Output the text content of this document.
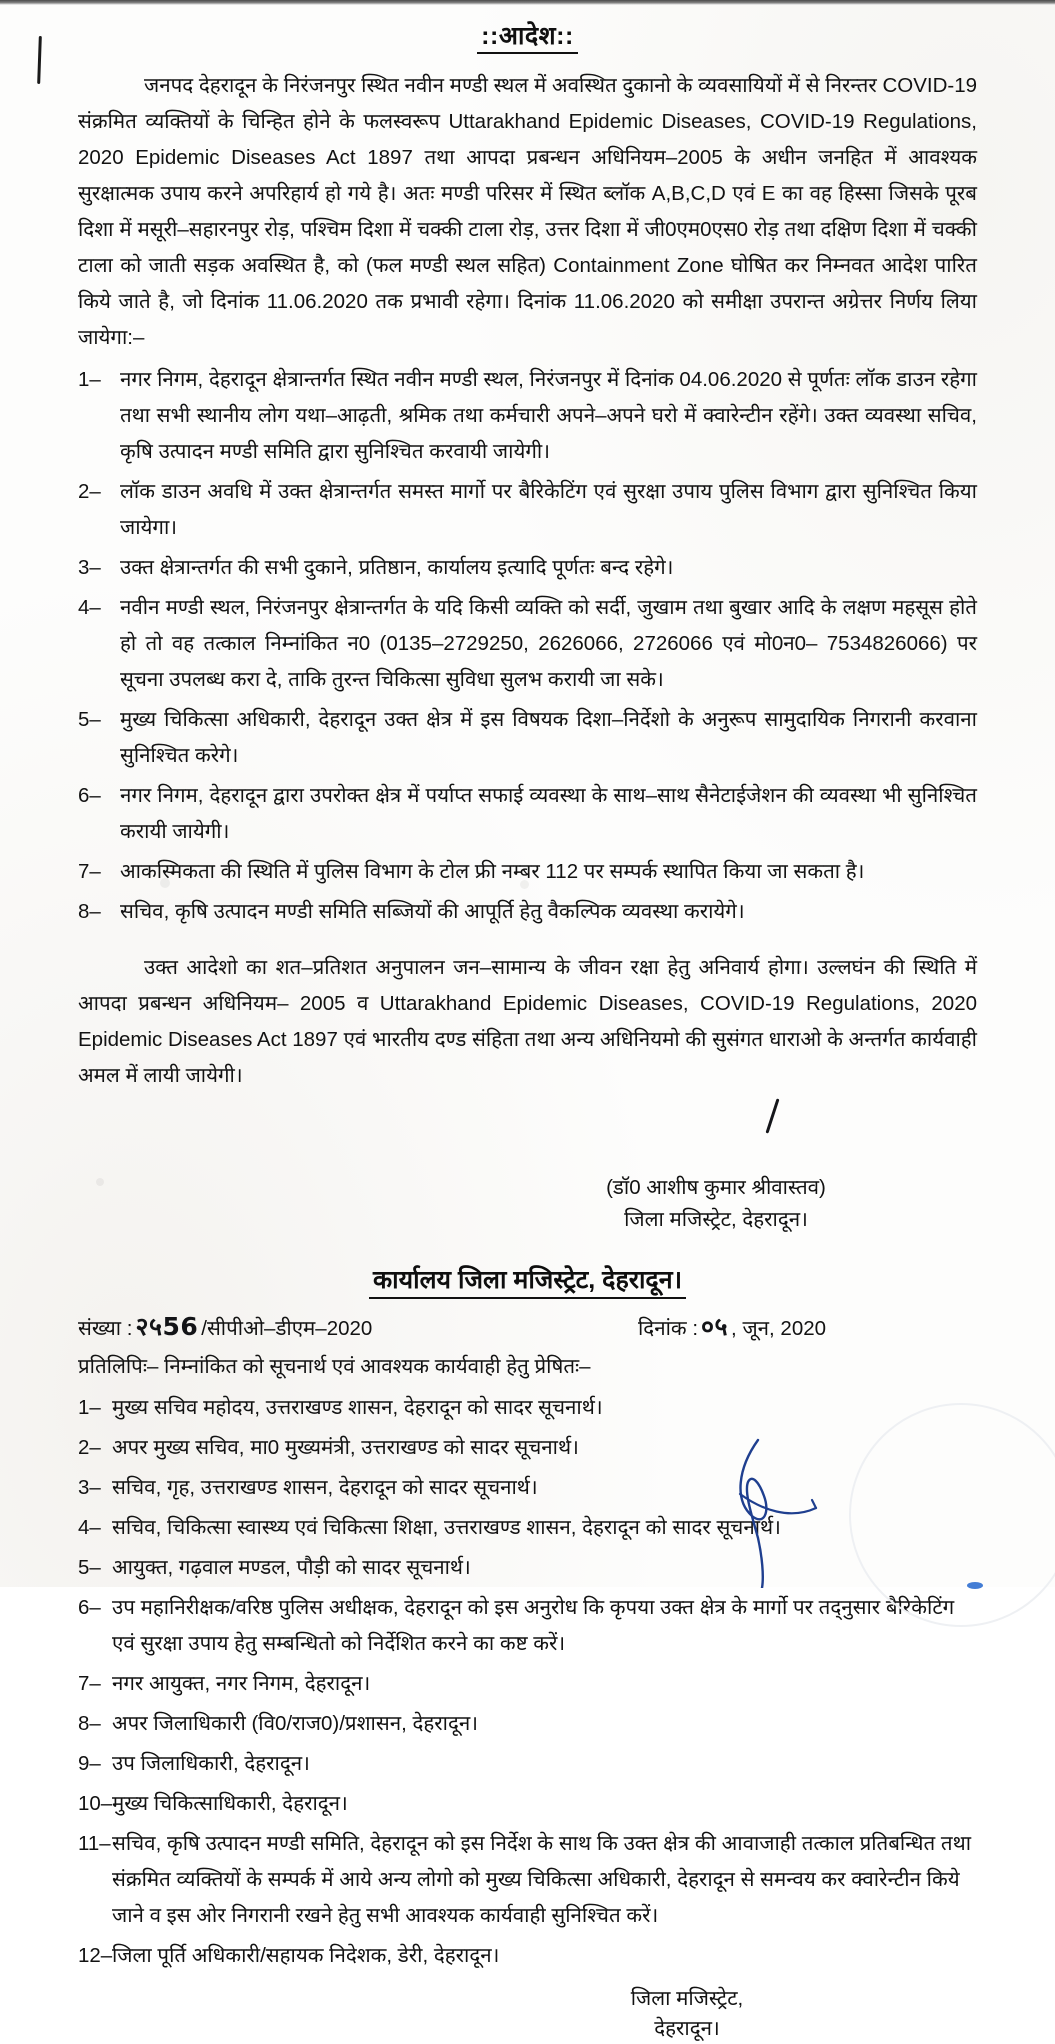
::आदेश::

जनपद देहरादून के निरंजनपुर स्थित नवीन मण्डी स्थल में अवस्थित दुकानो के व्यवसायियों में से निरन्तर COVID-19 संक्रमित व्यक्तियों के चिन्हित होने के फलस्वरूप Uttarakhand Epidemic Diseases, COVID-19 Regulations, 2020 Epidemic Diseases Act 1897 तथा आपदा प्रबन्धन अधिनियम–2005 के अधीन जनहित में आवश्यक सुरक्षात्मक उपाय करने अपरिहार्य हो गये है। अतः मण्डी परिसर में स्थित ब्लॉक A,B,C,D एवं E का वह हिस्सा जिसके पूरब दिशा में मसूरी–सहारनपुर रोड़, पश्चिम दिशा में चक्की टाला रोड़, उत्तर दिशा में जी0एम0एस0 रोड़ तथा दक्षिण दिशा में चक्की टाला को जाती सड़क अवस्थित है, को (फल मण्डी स्थल सहित) Containment Zone घोषित कर निम्नवत आदेश पारित किये जाते है, जो दिनांक 11.06.2020 तक प्रभावी रहेगा। दिनांक 11.06.2020 को समीक्षा उपरान्त अग्रेत्तर निर्णय लिया जायेगा:–

1– नगर निगम, देहरादून क्षेत्रान्तर्गत स्थित नवीन मण्डी स्थल, निरंजनपुर में दिनांक 04.06.2020 से पूर्णतः लॉक डाउन रहेगा तथा सभी स्थानीय लोग यथा–आढ़ती, श्रमिक तथा कर्मचारी अपने–अपने घरो में क्वारेन्टीन रहेंगे। उक्त व्यवस्था सचिव, कृषि उत्पादन मण्डी समिति द्वारा सुनिश्चित करवायी जायेगी।
2– लॉक डाउन अवधि में उक्त क्षेत्रान्तर्गत समस्त मार्गो पर बैरिकेटिंग एवं सुरक्षा उपाय पुलिस विभाग द्वारा सुनिश्चित किया जायेगा।
3– उक्त क्षेत्रान्तर्गत की सभी दुकाने, प्रतिष्ठान, कार्यालय इत्यादि पूर्णतः बन्द रहेगे।
4– नवीन मण्डी स्थल, निरंजनपुर क्षेत्रान्तर्गत के यदि किसी व्यक्ति को सर्दी, जुखाम तथा बुखार आदि के लक्षण महसूस होते हो तो वह तत्काल निम्नांकित न0 (0135–2729250, 2626066, 2726066 एवं मो0न0– 7534826066) पर सूचना उपलब्ध करा दे, ताकि तुरन्त चिकित्सा सुविधा सुलभ करायी जा सके।
5– मुख्य चिकित्सा अधिकारी, देहरादून उक्त क्षेत्र में इस विषयक दिशा–निर्देशो के अनुरूप सामुदायिक निगरानी करवाना सुनिश्चित करेगे।
6– नगर निगम, देहरादून द्वारा उपरोक्त क्षेत्र में पर्याप्त सफाई व्यवस्था के साथ–साथ सैनेटाईजेशन की व्यवस्था भी सुनिश्चित करायी जायेगी।
7– आकस्मिकता की स्थिति में पुलिस विभाग के टोल फ्री नम्बर 112 पर सम्पर्क स्थापित किया जा सकता है।
8– सचिव, कृषि उत्पादन मण्डी समिति सब्जियों की आपूर्ति हेतु वैकल्पिक व्यवस्था करायेगे।

उक्त आदेशो का शत–प्रतिशत अनुपालन जन–सामान्य के जीवन रक्षा हेतु अनिवार्य होगा। उल्लघंन की स्थिति में आपदा प्रबन्धन अधिनियम– 2005 व Uttarakhand Epidemic Diseases, COVID-19 Regulations, 2020 Epidemic Diseases Act 1897 एवं भारतीय दण्ड संहिता तथा अन्य अधिनियमो की सुसंगत धाराओ के अन्तर्गत कार्यवाही अमल में लायी जायेगी।

(डॉ0 आशीष कुमार श्रीवास्तव)
जिला मजिस्ट्रेट, देहरादून।
कार्यालय जिला मजिस्ट्रेट, देहरादून।
संख्या : २५56 /सीपीओ–डीएम–2020	दिनांक : ०५ , जून, 2020
प्रतिलिपिः– निम्नांकित को सूचनार्थ एवं आवश्यक कार्यवाही हेतु प्रेषितः–
1– मुख्य सचिव महोदय, उत्तराखण्ड शासन, देहरादून को सादर सूचनार्थ।
2– अपर मुख्य सचिव, मा0 मुख्यमंत्री, उत्तराखण्ड को सादर सूचनार्थ।
3– सचिव, गृह, उत्तराखण्ड शासन, देहरादून को सादर सूचनार्थ।
4– सचिव, चिकित्सा स्वास्थ्य एवं चिकित्सा शिक्षा, उत्तराखण्ड शासन, देहरादून को सादर सूचनार्थ।
5– आयुक्त, गढ़वाल मण्डल, पौड़ी को सादर सूचनार्थ।
6– उप महानिरीक्षक/वरिष्ठ पुलिस अधीक्षक, देहरादून को इस अनुरोध कि कृपया उक्त क्षेत्र के मार्गो पर तद्नुसार बैरिकेटिंग एवं सुरक्षा उपाय हेतु सम्बन्धितो को निर्देशित करने का कष्ट करें।
7– नगर आयुक्त, नगर निगम, देहरादून।
8– अपर जिलाधिकारी (वि0/राज0)/प्रशासन, देहरादून।
9– उप जिलाधिकारी, देहरादून।
10– मुख्य चिकित्साधिकारी, देहरादून।
11– सचिव, कृषि उत्पादन मण्डी समिति, देहरादून को इस निर्देश के साथ कि उक्त क्षेत्र की आवाजाही तत्काल प्रतिबन्धित तथा संक्रमित व्यक्तियों के सम्पर्क में आये अन्य लोगो को मुख्य चिकित्सा अधिकारी, देहरादून से समन्वय कर क्वारेन्टीन किये जाने व इस ओर निगरानी रखने हेतु सभी आवश्यक कार्यवाही सुनिश्चित करें।
12– जिला पूर्ति अधिकारी/सहायक निदेशक, डेरी, देहरादून।
जिला मजिस्ट्रेट,
देहरादून।
